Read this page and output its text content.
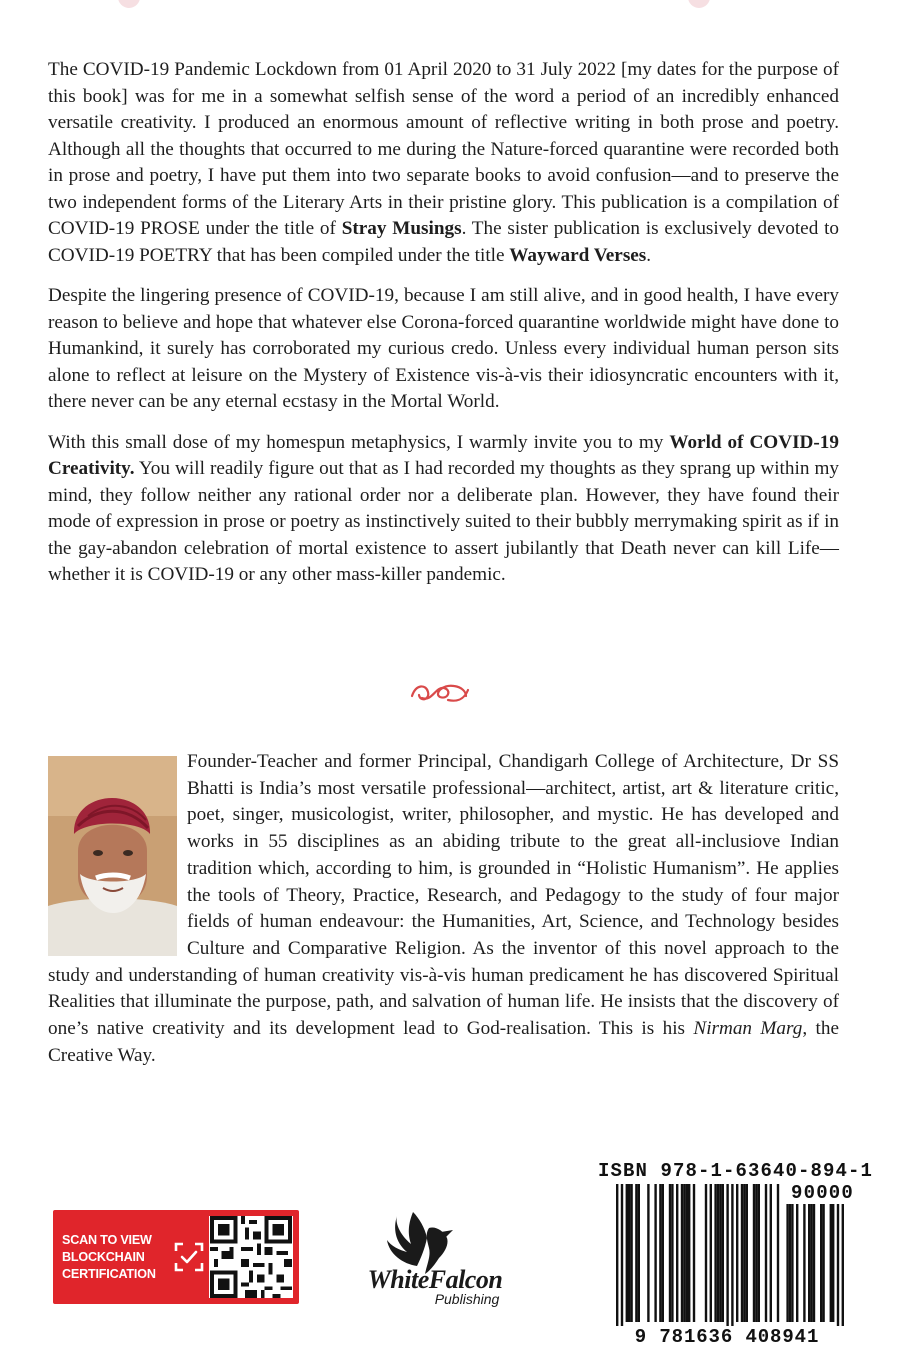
The COVID-19 Pandemic Lockdown from 01 April 2020 to 31 July 2022 [my dates for the purpose of this book] was for me in a somewhat selfish sense of the word a period of an incredibly enhanced versatile creativity. I produced an enormous amount of reflective writing in both prose and poetry. Although all the thoughts that occurred to me during the Nature-forced quarantine were recorded both in prose and poetry, I have put them into two separate books to avoid confusion—and to preserve the two independent forms of the Literary Arts in their pristine glory. This publication is a compilation of COVID-19 PROSE under the title of Stray Musings. The sister publication is exclusively devoted to COVID-19 POETRY that has been compiled under the title Wayward Verses.

Despite the lingering presence of COVID-19, because I am still alive, and in good health, I have every reason to believe and hope that whatever else Corona-forced quarantine worldwide might have done to Humankind, it surely has corroborated my curious credo. Unless every individual human person sits alone to reflect at leisure on the Mystery of Existence vis-à-vis their idiosyncratic encounters with it, there never can be any eternal ecstasy in the Mortal World.

With this small dose of my homespun metaphysics, I warmly invite you to my World of COVID-19 Creativity. You will readily figure out that as I had recorded my thoughts as they sprang up within my mind, they follow neither any rational order nor a deliberate plan. However, they have found their mode of expression in prose or poetry as instinctively suited to their bubbly merrymaking spirit as if in the gay-abandon celebration of mortal existence to assert jubilantly that Death never can kill Life—whether it is COVID-19 or any other mass-killer pandemic.

Founder-Teacher and former Principal, Chandigarh College of Architecture, Dr SS Bhatti is India’s most versatile professional—architect, artist, art & literature critic, poet, singer, musicologist, writer, philosopher, and mystic. He has developed and works in 55 disciplines as an abiding tribute to the great all-inclusiove Indian tradition which, according to him, is grounded in “Holistic Humanism”. He applies the tools of Theory, Practice, Research, and Pedagogy to the study of four major fields of human endeavour: the Humanities, Art, Science, and Technology besides Culture and Comparative Religion. As the inventor of this novel approach to the study and understanding of human creativity vis-à-vis human predicament he has discovered Spiritual Realities that illuminate the purpose, path, and salvation of human life. He insists that the discovery of one’s native creativity and its development lead to God-realisation. This is his Nirman Marg, the Creative Way.
SCAN TO VIEW
BLOCKCHAIN
CERTIFICATION	WhiteFalcon
Publishing
ISBN 978-1-63640-894-1
90000
9 781636 408941
